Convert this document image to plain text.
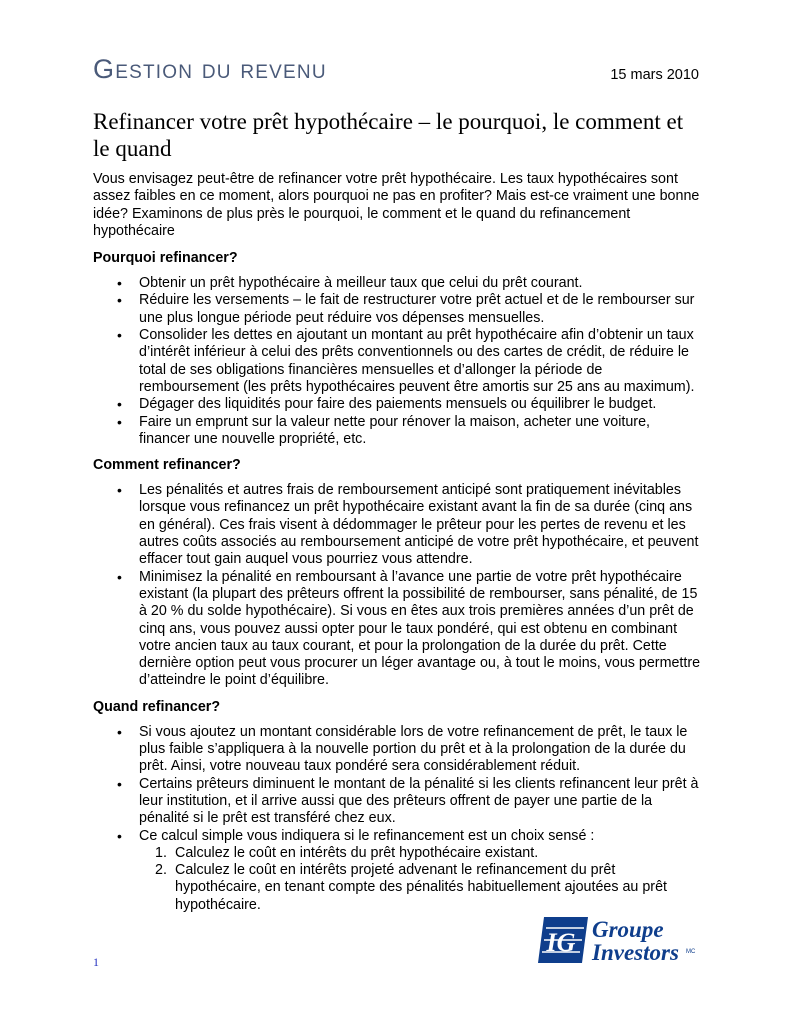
Gestion du revenu	15 mars 2010
Refinancer votre prêt hypothécaire – le pourquoi, le comment et le quand

Vous envisagez peut-être de refinancer votre prêt hypothécaire. Les taux hypothécaires sont assez faibles en ce moment, alors pourquoi ne pas en profiter? Mais est-ce vraiment une bonne idée? Examinons de plus près le pourquoi, le comment et le quand du refinancement hypothécaire

Pourquoi refinancer?
• Obtenir un prêt hypothécaire à meilleur taux que celui du prêt courant.
• Réduire les versements – le fait de restructurer votre prêt actuel et de le rembourser sur une plus longue période peut réduire vos dépenses mensuelles.
• Consolider les dettes en ajoutant un montant au prêt hypothécaire afin d’obtenir un taux d’intérêt inférieur à celui des prêts conventionnels ou des cartes de crédit, de réduire le total de ses obligations financières mensuelles et d’allonger la période de remboursement (les prêts hypothécaires peuvent être amortis sur 25 ans au maximum).
• Dégager des liquidités pour faire des paiements mensuels ou équilibrer le budget.
• Faire un emprunt sur la valeur nette pour rénover la maison, acheter une voiture, financer une nouvelle propriété, etc.
Comment refinancer?
• Les pénalités et autres frais de remboursement anticipé sont pratiquement inévitables lorsque vous refinancez un prêt hypothécaire existant avant la fin de sa durée (cinq ans en général). Ces frais visent à dédommager le prêteur pour les pertes de revenu et les autres coûts associés au remboursement anticipé de votre prêt hypothécaire, et peuvent effacer tout gain auquel vous pourriez vous attendre.
• Minimisez la pénalité en remboursant à l’avance une partie de votre prêt hypothécaire existant (la plupart des prêteurs offrent la possibilité de rembourser, sans pénalité, de 15 à 20 % du solde hypothécaire). Si vous en êtes aux trois premières années d’un prêt de cinq ans, vous pouvez aussi opter pour le taux pondéré, qui est obtenu en combinant votre ancien taux au taux courant, et pour la prolongation de la durée du prêt. Cette dernière option peut vous procurer un léger avantage ou, à tout le moins, vous permettre d’atteindre le point d’équilibre.
Quand refinancer?
• Si vous ajoutez un montant considérable lors de votre refinancement de prêt, le taux le plus faible s’appliquera à la nouvelle portion du prêt et à la prolongation de la durée du prêt. Ainsi, votre nouveau taux pondéré sera considérablement réduit.
• Certains prêteurs diminuent le montant de la pénalité si les clients refinancent leur prêt à leur institution, et il arrive aussi que des prêteurs offrent de payer une partie de la pénalité si le prêt est transféré chez eux.
• Ce calcul simple vous indiquera si le refinancement est un choix sensé :
1. Calculez le coût en intérêts du prêt hypothécaire existant.
2. Calculez le coût en intérêts projeté advenant le refinancement du prêt hypothécaire, en tenant compte des pénalités habituellement ajoutées au prêt hypothécaire.
1
IG Groupe
Investors MC
